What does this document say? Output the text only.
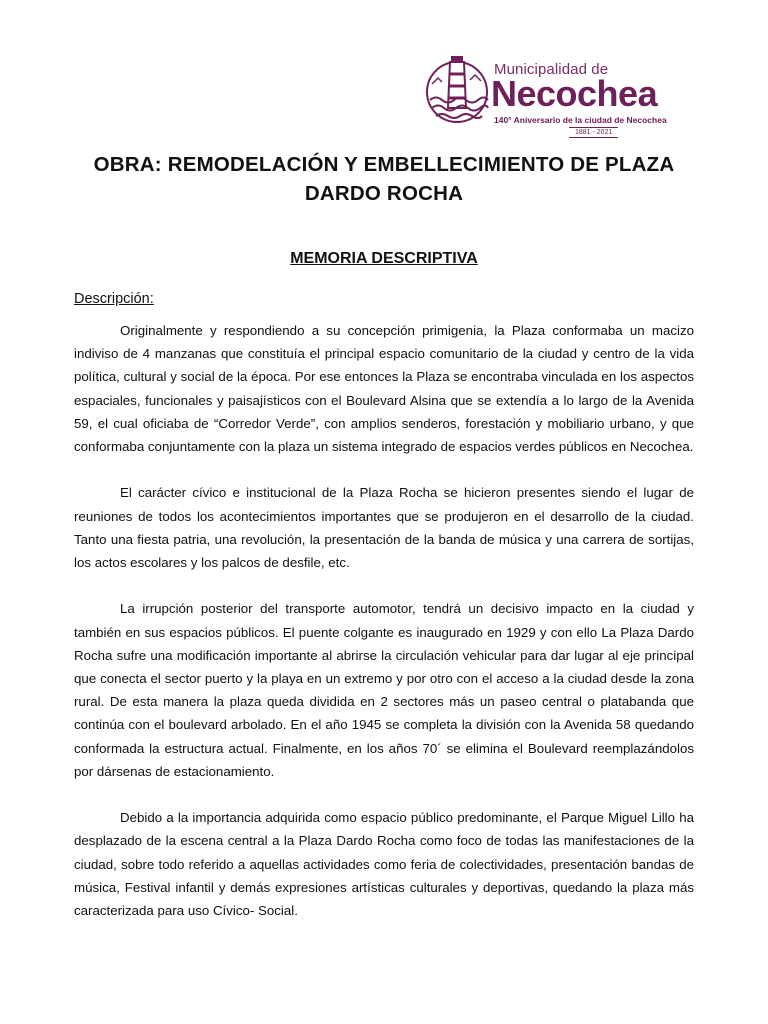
Municipalidad de
Necochea
140° Aniversario de la ciudad de Necochea
1881 - 2021
OBRA: REMODELACIÓN Y EMBELLECIMIENTO DE PLAZA DARDO ROCHA
MEMORIA DESCRIPTIVA
Descripción:

Originalmente y respondiendo a su concepción primigenia, la Plaza conformaba un macizo indiviso de 4 manzanas que constituía el principal espacio comunitario de la ciudad y centro de la vida política, cultural y social de la época. Por ese entonces la Plaza se encontraba vinculada en los aspectos espaciales, funcionales y paisajísticos con el Boulevard Alsina que se extendía a lo largo de la Avenida 59, el cual oficiaba de “Corredor Verde”, con amplios senderos, forestación y mobiliario urbano, y que conformaba conjuntamente con la plaza un sistema integrado de espacios verdes públicos en Necochea.

El carácter cívico e institucional de la Plaza Rocha se hicieron presentes siendo el lugar de reuniones de todos los acontecimientos importantes que se produjeron en el desarrollo de la ciudad. Tanto una fiesta patria, una revolución, la presentación de la banda de música y una carrera de sortijas, los actos escolares y los palcos de desfile, etc.

La irrupción posterior del transporte automotor, tendrá un decisivo impacto en la ciudad y también en sus espacios públicos. El puente colgante es inaugurado en 1929 y con ello La Plaza Dardo Rocha sufre una modificación importante al abrirse la circulación vehicular para dar lugar al eje principal que conecta el sector puerto y la playa en un extremo y por otro con el acceso a la ciudad desde la zona rural. De esta manera la plaza queda dividida en 2 sectores más un paseo central o platabanda que continúa con el boulevard arbolado. En el año 1945 se completa la división con la Avenida 58 quedando conformada la estructura actual. Finalmente, en los años 70´ se elimina el Boulevard reemplazándolos por dársenas de estacionamiento.

Debido a la importancia adquirida como espacio público predominante, el Parque Miguel Lillo ha desplazado de la escena central a la Plaza Dardo Rocha como foco de todas las manifestaciones de la ciudad, sobre todo referido a aquellas actividades como feria de colectividades, presentación bandas de música, Festival infantil y demás expresiones artísticas culturales y deportivas, quedando la plaza más caracterizada para uso Cívico- Social.
